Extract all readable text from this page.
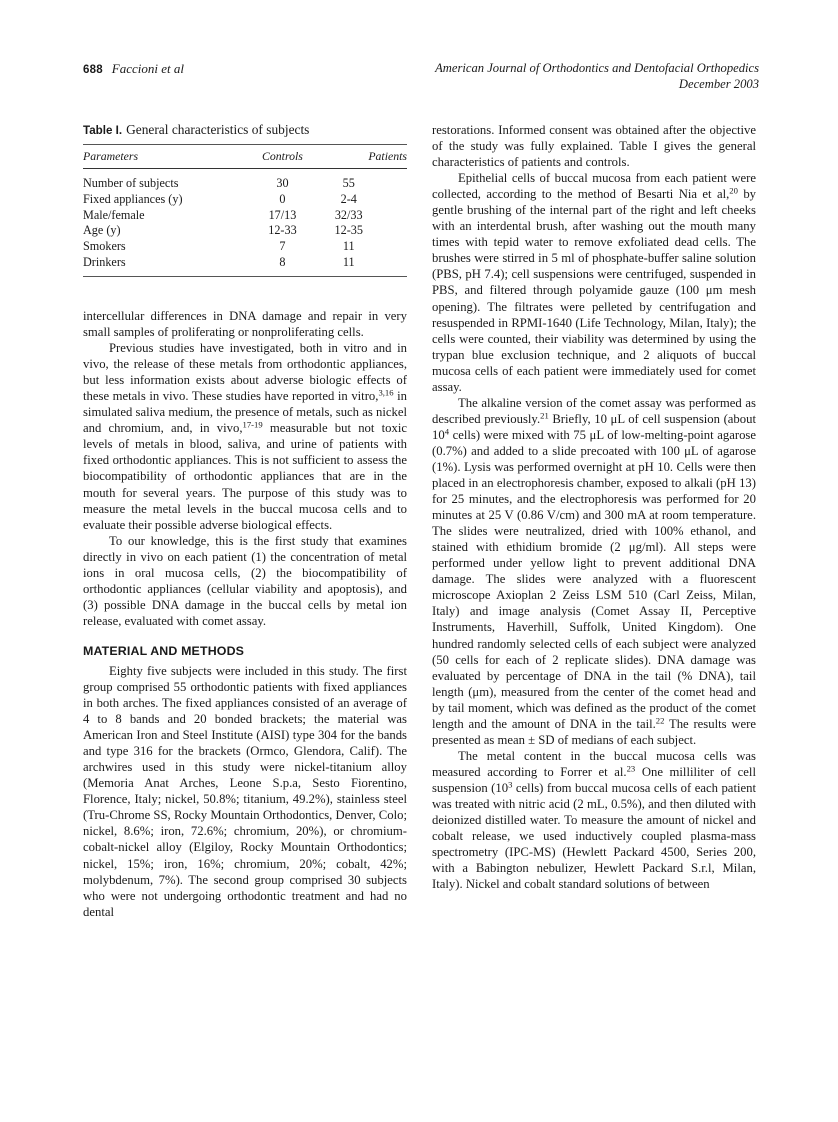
688 Faccioni et al	American Journal of Orthodontics and Dentofacial Orthopedics
December 2003
Table I. General characteristics of subjects
Parameters	Controls	Patients
Number of subjects	30	55
Fixed appliances (y)	0	2-4
Male/female	17/13	32/33
Age (y)	12-33	12-35
Smokers	7	11
Drinkers	8	11

intercellular differences in DNA damage and repair in very small samples of proliferating or nonproliferating cells.

Previous studies have investigated, both in vitro and in vivo, the release of these metals from orthodontic appliances, but less information exists about adverse biologic effects of these metals in vivo. These studies have reported in vitro,$^{3,16}$ in simulated saliva medium, the presence of metals, such as nickel and chromium, and, in vivo,$^{17-19}$ measurable but not toxic levels of metals in blood, saliva, and urine of patients with fixed orthodontic appliances. This is not sufficient to assess the biocompatibility of orthodontic appliances that are in the mouth for several years. The purpose of this study was to measure the metal levels in the buccal mucosa cells and to evaluate their possible adverse biological effects.

To our knowledge, this is the first study that examines directly in vivo on each patient (1) the concentration of metal ions in oral mucosa cells, (2) the biocompatibility of orthodontic appliances (cellular viability and apoptosis), and (3) possible DNA damage in the buccal cells by metal ion release, evaluated with comet assay.

MATERIAL AND METHODS

Eighty five subjects were included in this study. The first group comprised 55 orthodontic patients with fixed appliances in both arches. The fixed appliances consisted of an average of 4 to 8 bands and 20 bonded brackets; the material was American Iron and Steel Institute (AISI) type 304 for the bands and type 316 for the brackets (Ormco, Glendora, Calif). The archwires used in this study were nickel-titanium alloy (Memoria Anat Arches, Leone S.p.a, Sesto Fiorentino, Florence, Italy; nickel, 50.8%; titanium, 49.2%), stainless steel (Tru-Chrome SS, Rocky Mountain Orthodontics, Denver, Colo; nickel, 8.6%; iron, 72.6%; chromium, 20%), or chromium-cobalt-nickel alloy (Elgiloy, Rocky Mountain Orthodontics; nickel, 15%; iron, 16%; chromium, 20%; cobalt, 42%; molybdenum, 7%). The second group comprised 30 subjects who were not undergoing orthodontic treatment and had no dental

restorations. Informed consent was obtained after the objective of the study was fully explained. Table I gives the general characteristics of patients and controls.

Epithelial cells of buccal mucosa from each patient were collected, according to the method of Besarti Nia et al,$^{20}$ by gentle brushing of the internal part of the right and left cheeks with an interdental brush, after washing out the mouth many times with tepid water to remove exfoliated dead cells. The brushes were stirred in 5 ml of phosphate-buffer saline solution (PBS, pH 7.4); cell suspensions were centrifuged, suspended in PBS, and filtered through polyamide gauze (100 μm mesh opening). The filtrates were pelleted by centrifugation and resuspended in RPMI-1640 (Life Technology, Milan, Italy); the cells were counted, their viability was determined by using the trypan blue exclusion technique, and 2 aliquots of buccal mucosa cells of each patient were immediately used for comet assay.

The alkaline version of the comet assay was performed as described previously.$^{21}$ Briefly, 10 μL of cell suspension (about $10^4$ cells) were mixed with 75 μL of low-melting-point agarose (0.7%) and added to a slide precoated with 100 μL of agarose (1%). Lysis was performed overnight at pH 10. Cells were then placed in an electrophoresis chamber, exposed to alkali (pH 13) for 25 minutes, and the electrophoresis was performed for 20 minutes at 25 V (0.86 V/cm) and 300 mA at room temperature. The slides were neutralized, dried with 100% ethanol, and stained with ethidium bromide (2 μg/ml). All steps were performed under yellow light to prevent additional DNA damage. The slides were analyzed with a fluorescent microscope Axioplan 2 Zeiss LSM 510 (Carl Zeiss, Milan, Italy) and image analysis (Comet Assay II, Perceptive Instruments, Haverhill, Suffolk, United Kingdom). One hundred randomly selected cells of each subject were analyzed (50 cells for each of 2 replicate slides). DNA damage was evaluated by percentage of DNA in the tail (% DNA), tail length (μm), measured from the center of the comet head and by tail moment, which was defined as the product of the comet length and the amount of DNA in the tail.$^{22}$ The results were presented as mean ± SD of medians of each subject.

The metal content in the buccal mucosa cells was measured according to Forrer et al.$^{23}$ One milliliter of cell suspension ($10^3$ cells) from buccal mucosa cells of each patient was treated with nitric acid (2 mL, 0.5%), and then diluted with deionized distilled water. To measure the amount of nickel and cobalt release, we used inductively coupled plasma-mass spectrometry (IPC-MS) (Hewlett Packard 4500, Series 200, with a Babington nebulizer, Hewlett Packard S.r.l, Milan, Italy). Nickel and cobalt standard solutions of between
